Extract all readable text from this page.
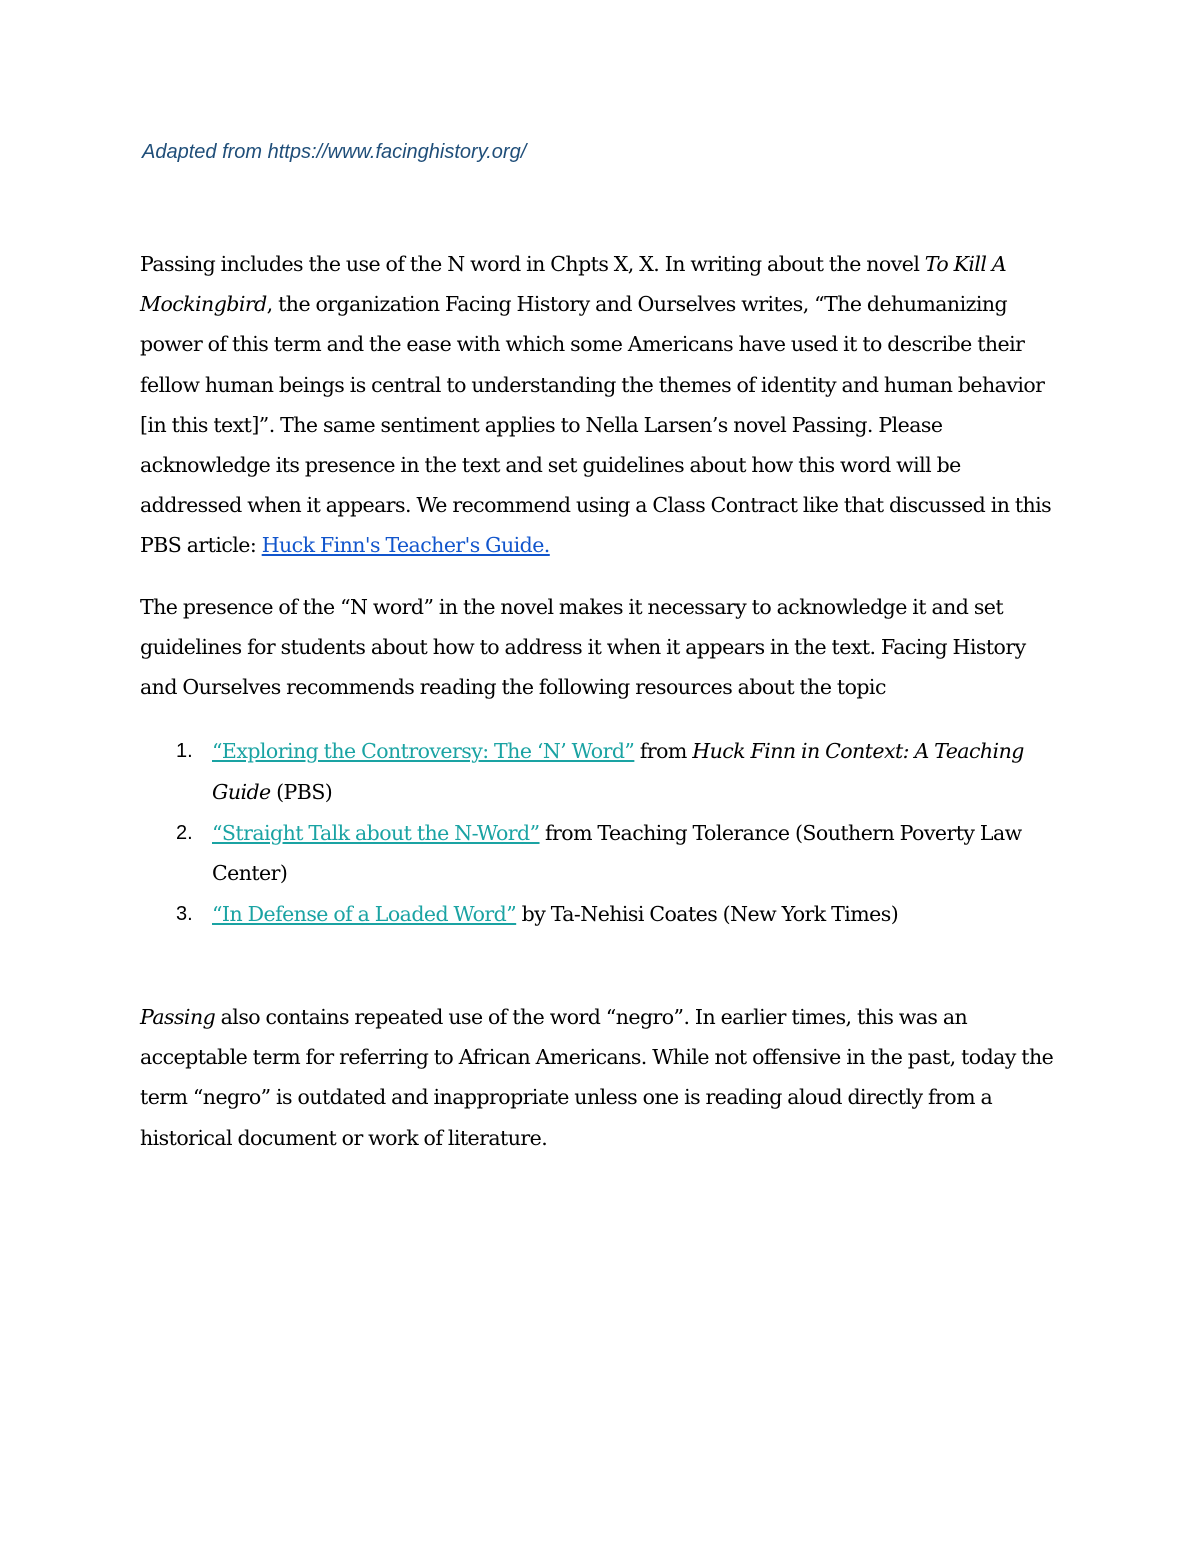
Adapted from https://www.facinghistory.org/

Passing includes the use of the N word in Chpts X, X. In writing about the novel To Kill A Mockingbird, the organization Facing History and Ourselves writes, “The dehumanizing power of this term and the ease with which some Americans have used it to describe their fellow human beings is central to understanding the themes of identity and human behavior [in this text]”. The same sentiment applies to Nella Larsen’s novel Passing. Please acknowledge its presence in the text and set guidelines about how this word will be addressed when it appears. We recommend using a Class Contract like that discussed in this PBS article: Huck Finn's Teacher's Guide.

The presence of the “N word” in the novel makes it necessary to acknowledge it and set guidelines for students about how to address it when it appears in the text. Facing History and Ourselves recommends reading the following resources about the topic

1. “Exploring the Controversy: The ‘N’ Word” from Huck Finn in Context: A Teaching Guide (PBS)
2. “Straight Talk about the N-Word” from Teaching Tolerance (Southern Poverty Law Center)
3. “In Defense of a Loaded Word” by Ta-Nehisi Coates (New York Times)

Passing also contains repeated use of the word “negro”. In earlier times, this was an acceptable term for referring to African Americans. While not offensive in the past, today the term “negro” is outdated and inappropriate unless one is reading aloud directly from a historical document or work of literature.
